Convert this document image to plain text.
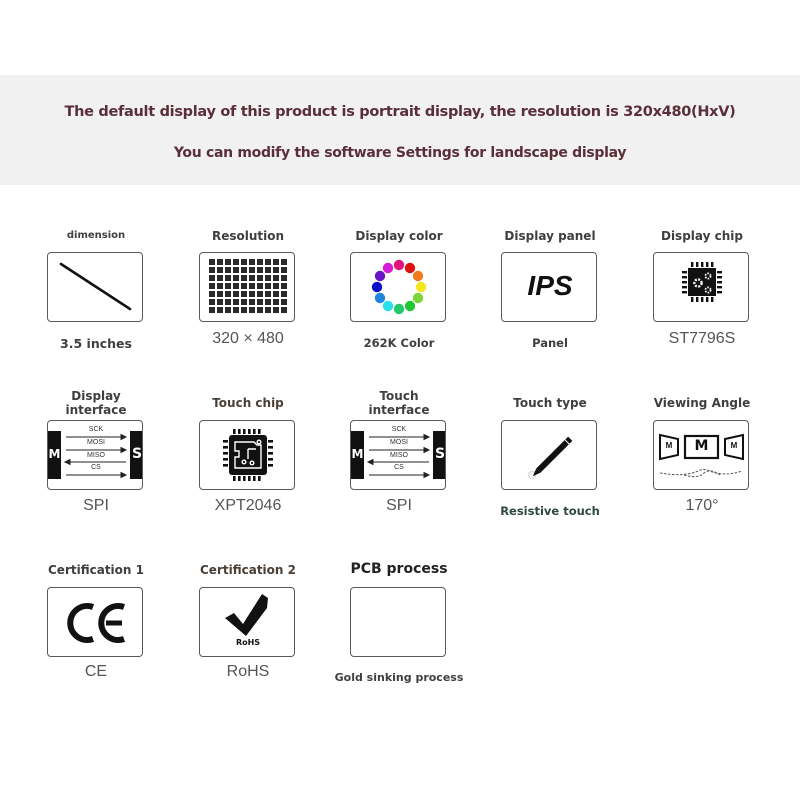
The default display of this product is portrait display, the resolution is 320x480(HxV)
You can modify the software Settings for landscape display
dimension
3.5 inches
Resolution
320 × 480
Display color
262K Color
Display panel
IPS
Panel
Display chip
ST7796S
Display
interface
M	S
SCK
MOSI
MISO
CS
SPI
Touch chip
XPT2046
Touch
interface
M	S
SCK
MOSI
MISO
CS
SPI
Touch type
Resistive touch
Viewing Angle
M	M	M
170°
Certification 1
CE
Certification 2
RoHS
RoHS
PCB process
Gold sinking process
